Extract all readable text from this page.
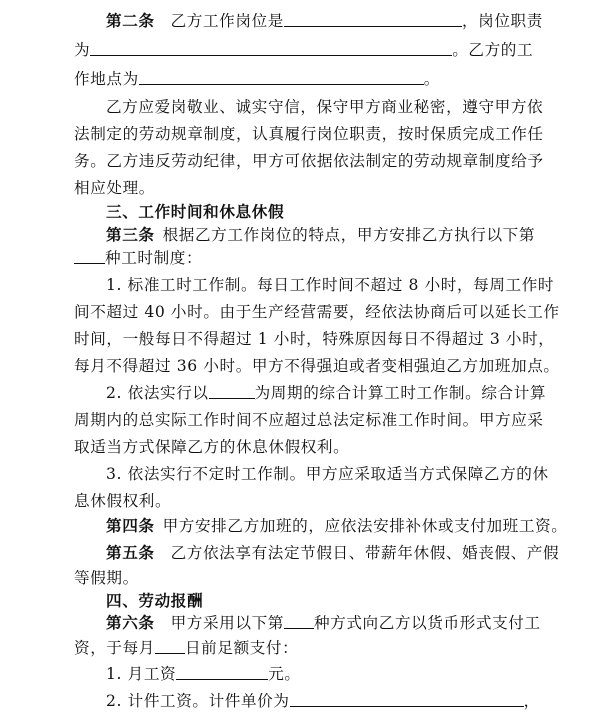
第二条 乙方工作岗位是	，岗位职责
为	。乙方的工
作地点为	。
乙方应爱岗敬业、诚实守信，保守甲方商业秘密，遵守甲方依
法制定的劳动规章制度，认真履行岗位职责，按时保质完成工作任
务。乙方违反劳动纪律，甲方可依据依法制定的劳动规章制度给予
相应处理。
三、工作时间和休息休假
第三条 根据乙方工作岗位的特点，甲方安排乙方执行以下第
种工时制度：
1. 标准工时工作制。每日工作时间不超过 8 小时，每周工作时
间不超过 40 小时。由于生产经营需要，经依法协商后可以延长工作
时间，一般每日不得超过 1 小时，特殊原因每日不得超过 3 小时，
每月不得超过 36 小时。甲方不得强迫或者变相强迫乙方加班加点。
2. 依法实行以	为周期的综合计算工时工作制。综合计算
周期内的总实际工作时间不应超过总法定标准工作时间。甲方应采
取适当方式保障乙方的休息休假权利。
3. 依法实行不定时工作制。甲方应采取适当方式保障乙方的休
息休假权利。
第四条 甲方安排乙方加班的，应依法安排补休或支付加班工资。
第五条 乙方依法享有法定节假日、带薪年休假、婚丧假、产假
等假期。
四、劳动报酬
第六条 甲方采用以下第 种方式向乙方以货币形式支付工
资，于每月 日前足额支付：
1. 月工资	元。
2. 计件工资。计件单价为	，
